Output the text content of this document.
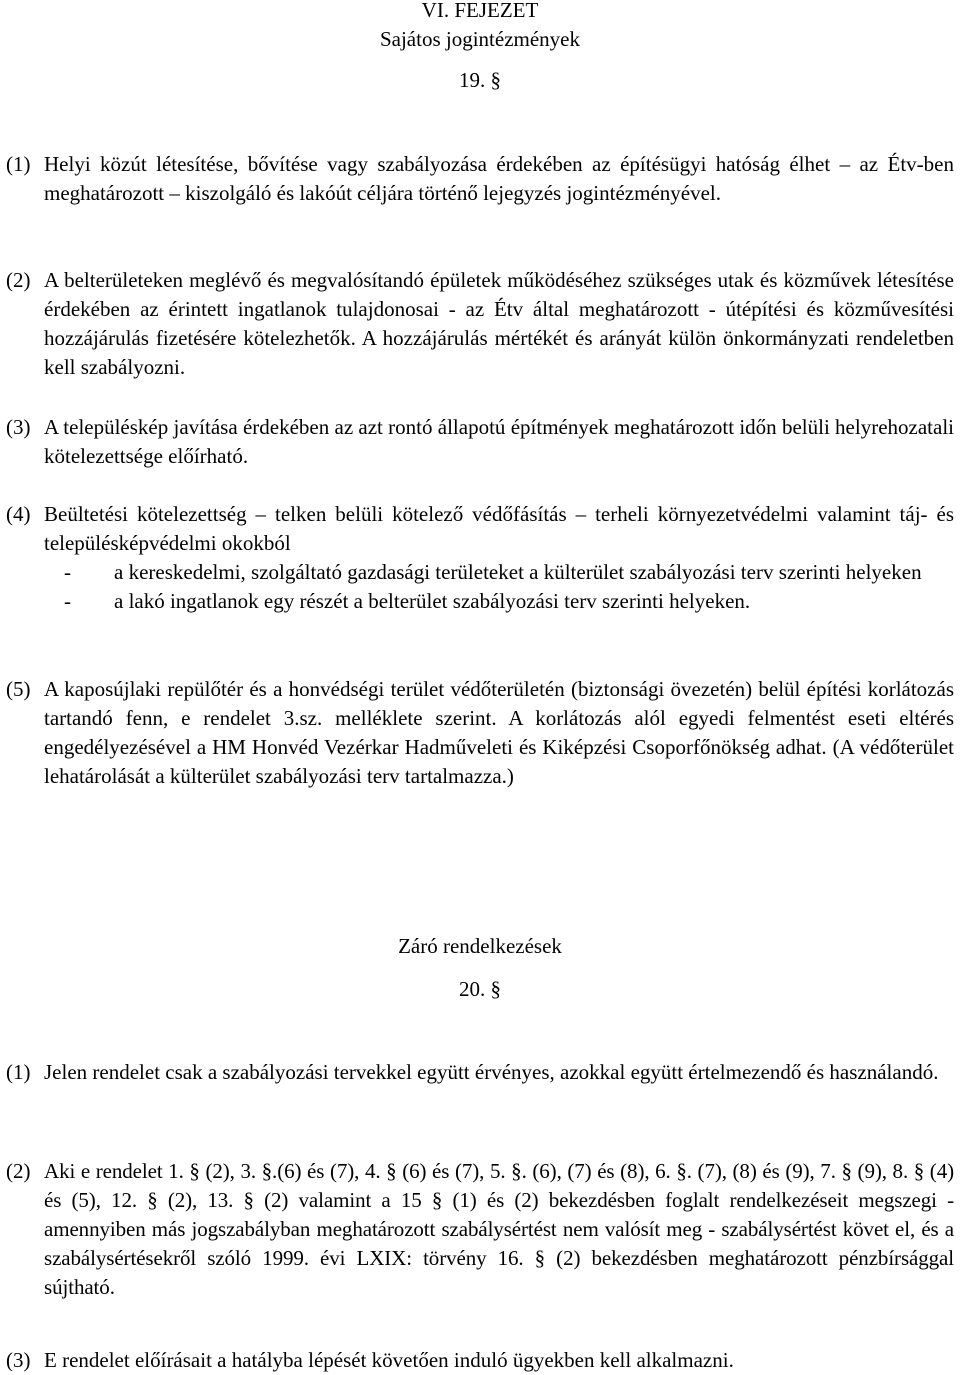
VI. FEJEZET
Sajátos jogintézmények
19. §
(1) Helyi közút létesítése, bővítése vagy szabályozása érdekében az építésügyi hatóság élhet – az Étv-ben meghatározott – kiszolgáló és lakóút céljára történő lejegyzés jogintézményével.
(2) A belterületeken meglévő és megvalósítandó épületek működéséhez szükséges utak és közművek létesítése érdekében az érintett ingatlanok tulajdonosai - az Étv által meghatározott - útépítési és közművesítési hozzájárulás fizetésére kötelezhetők. A hozzájárulás mértékét és arányát külön önkormányzati rendeletben kell szabályozni.
(3) A településkép javítása érdekében az azt rontó állapotú építmények meghatározott időn belüli helyrehozatali kötelezettsége előírható.
(4) Beültetési kötelezettség – telken belüli kötelező védőfásítás – terheli környezetvédelmi valamint táj- és településképvédelmi okokból
- a kereskedelmi, szolgáltató gazdasági területeket a külterület szabályozási terv szerinti helyeken
- a lakó ingatlanok egy részét a belterület szabályozási terv szerinti helyeken.
(5) A kaposújlaki repülőtér és a honvédségi terület védőterületén (biztonsági övezetén) belül építési korlátozás tartandó fenn, e rendelet 3.sz. melléklete szerint. A korlátozás alól egyedi felmentést eseti eltérés engedélyezésével a HM Honvéd Vezérkar Hadműveleti és Kiképzési Csoporfőnökség adhat. (A védőterület lehatárolását a külterület szabályozási terv tartalmazza.)
Záró rendelkezések
20. §
(1) Jelen rendelet csak a szabályozási tervekkel együtt érvényes, azokkal együtt értelmezendő és használandó.
(2) Aki e rendelet 1. § (2), 3. §.(6) és (7), 4. § (6) és (7), 5. §. (6), (7) és (8), 6. §. (7), (8) és (9), 7. § (9), 8. § (4) és (5), 12. § (2), 13. § (2) valamint a 15 § (1) és (2) bekezdésben foglalt rendelkezéseit megszegi - amennyiben más jogszabályban meghatározott szabálysértést nem valósít meg - szabálysértést követ el, és a szabálysértésekről szóló 1999. évi LXIX: törvény 16. § (2) bekezdésben meghatározott pénzbírsággal sújtható.
(3) E rendelet előírásait a hatályba lépését követően induló ügyekben kell alkalmazni.
